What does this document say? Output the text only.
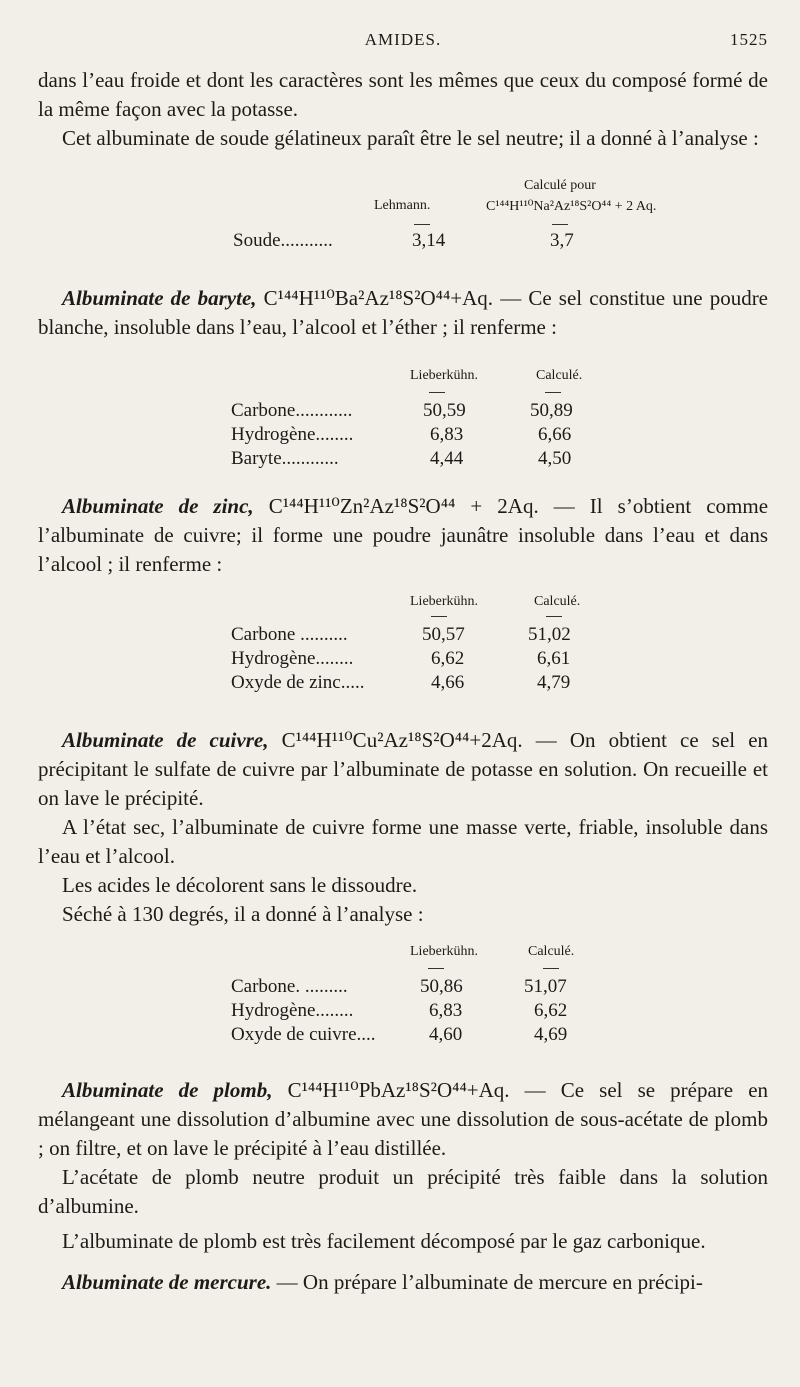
AMIDES.	1525

dans l’eau froide et dont les caractères sont les mêmes que ceux du composé formé de la même façon avec la potasse.

Cet albuminate de soude gélatineux paraît être le sel neutre; il a donné à l’analyse :

Calculé pour
Lehmann.	C¹⁴⁴H¹¹⁰Na²Az¹⁸S²O⁴⁴ + 2 Aq.
Soude...........	3,14	3,7

Albuminate de baryte, C¹⁴⁴H¹¹⁰Ba²Az¹⁸S²O⁴⁴+Aq. — Ce sel constitue une poudre blanche, insoluble dans l’eau, l’alcool et l’éther ; il renferme :

Lieberkühn.	Calculé.
Carbone............	50,59	50,89
Hydrogène........	6,83	6,66
Baryte............	4,44	4,50

Albuminate de zinc, C¹⁴⁴H¹¹⁰Zn²Az¹⁸S²O⁴⁴ + 2Aq. — Il s’obtient comme l’albuminate de cuivre; il forme une poudre jaunâtre insoluble dans l’eau et dans l’alcool ; il renferme :

Lieberkühn.	Calculé.
Carbone ..........	50,57	51,02
Hydrogène........	6,62	6,61
Oxyde de zinc.....	4,66	4,79

Albuminate de cuivre, C¹⁴⁴H¹¹⁰Cu²Az¹⁸S²O⁴⁴+2Aq. — On obtient ce sel en précipitant le sulfate de cuivre par l’albuminate de potasse en solution. On recueille et on lave le précipité.

A l’état sec, l’albuminate de cuivre forme une masse verte, friable, insoluble dans l’eau et l’alcool.

Les acides le décolorent sans le dissoudre.

Séché à 130 degrés, il a donné à l’analyse :

Lieberkühn.	Calculé.
Carbone. .........	50,86	51,07
Hydrogène........	6,83	6,62
Oxyde de cuivre....	4,60	4,69

Albuminate de plomb, C¹⁴⁴H¹¹⁰PbAz¹⁸S²O⁴⁴+Aq. — Ce sel se prépare en mélangeant une dissolution d’albumine avec une dissolution de sous-acétate de plomb ; on filtre, et on lave le précipité à l’eau distillée.

L’acétate de plomb neutre produit un précipité très faible dans la solution d’albumine.

L’albuminate de plomb est très facilement décomposé par le gaz carbonique.

Albuminate de mercure. — On prépare l’albuminate de mercure en précipi-
